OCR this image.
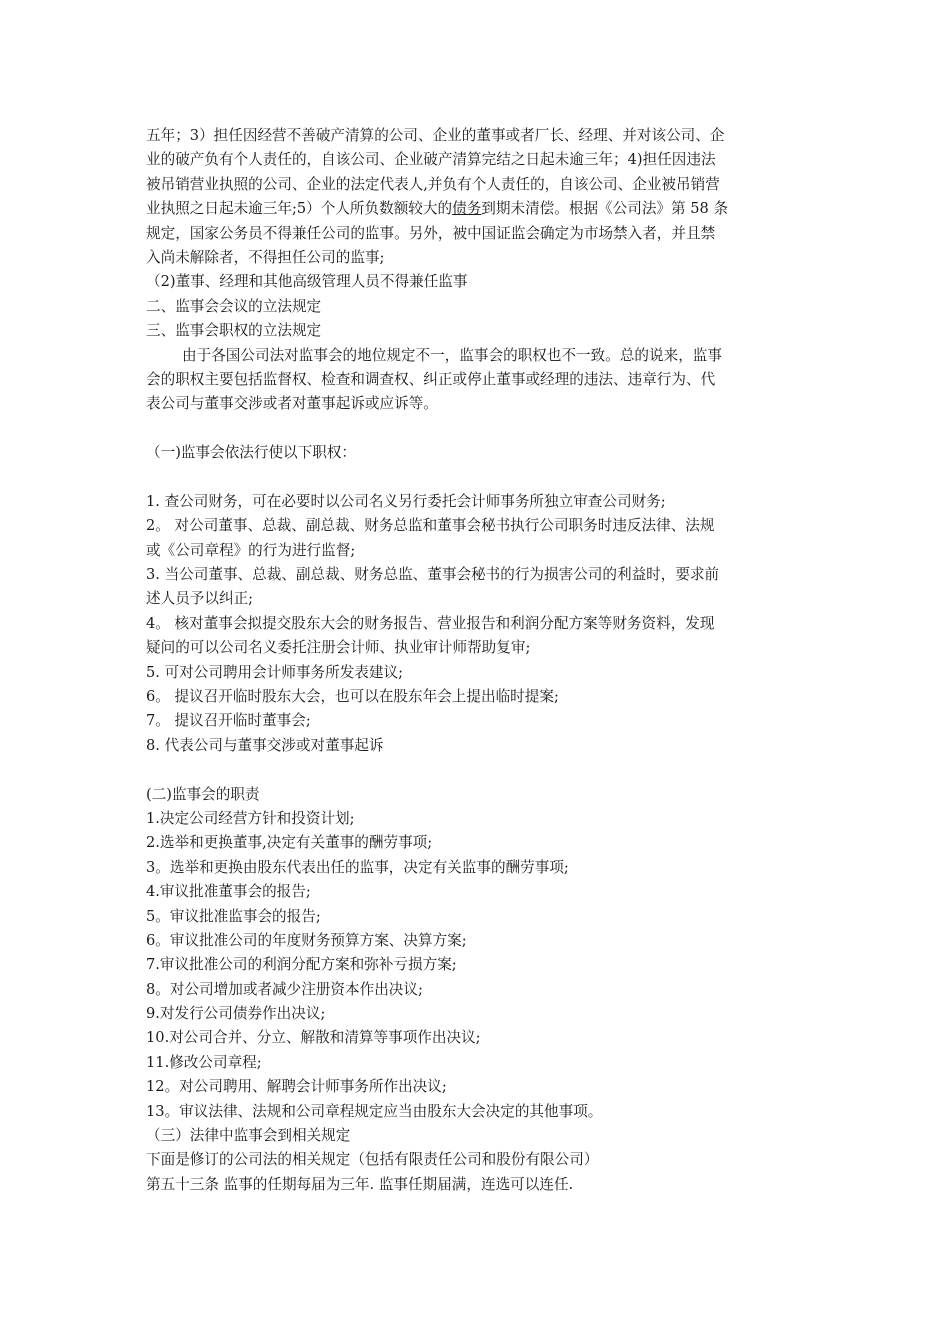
五年；3）担任因经营不善破产清算的公司、企业的董事或者厂长、经理、并对该公司、企
业的破产负有个人责任的，自该公司、企业破产清算完结之日起未逾三年；4)担任因违法
被吊销营业执照的公司、企业的法定代表人,并负有个人责任的，自该公司、企业被吊销营
业执照之日起未逾三年;5）个人所负数额较大的债务到期未清偿。根据《公司法》第 58 条
规定，国家公务员不得兼任公司的监事。另外，被中国证监会确定为市场禁入者，并且禁
入尚未解除者，不得担任公司的监事;
（2)董事、经理和其他高级管理人员不得兼任监事
二、监事会会议的立法规定
三、监事会职权的立法规定
由于各国公司法对监事会的地位规定不一，监事会的职权也不一致。总的说来，监事
会的职权主要包括监督权、检查和调查权、纠正或停止董事或经理的违法、违章行为、代
表公司与董事交涉或者对董事起诉或应诉等。
（一)监事会依法行使以下职权：
1. 查公司财务，可在必要时以公司名义另行委托会计师事务所独立审查公司财务;
2。 对公司董事、总裁、副总裁、财务总监和董事会秘书执行公司职务时违反法律、法规
或《公司章程》的行为进行监督;
3. 当公司董事、总裁、副总裁、财务总监、董事会秘书的行为损害公司的利益时，要求前
述人员予以纠正;
4。 核对董事会拟提交股东大会的财务报告、营业报告和利润分配方案等财务资料，发现
疑问的可以公司名义委托注册会计师、执业审计师帮助复审;
5. 可对公司聘用会计师事务所发表建议;
6。 提议召开临时股东大会，也可以在股东年会上提出临时提案;
7。 提议召开临时董事会;
8. 代表公司与董事交涉或对董事起诉
(二)监事会的职责
1.决定公司经营方针和投资计划;
2.选举和更换董事,决定有关董事的酬劳事项;
3。选举和更换由股东代表出任的监事，决定有关监事的酬劳事项;
4.审议批准董事会的报告;
5。审议批准监事会的报告;
6。审议批准公司的年度财务预算方案、决算方案;
7.审议批准公司的利润分配方案和弥补亏损方案;
8。对公司增加或者减少注册资本作出决议;
9.对发行公司债券作出决议;
10.对公司合并、分立、解散和清算等事项作出决议;
11.修改公司章程;
12。对公司聘用、解聘会计师事务所作出决议;
13。审议法律、法规和公司章程规定应当由股东大会决定的其他事项。
（三）法律中监事会到相关规定
下面是修订的公司法的相关规定（包括有限责任公司和股份有限公司）
第五十三条 监事的任期每届为三年. 监事任期届满，连选可以连任.
